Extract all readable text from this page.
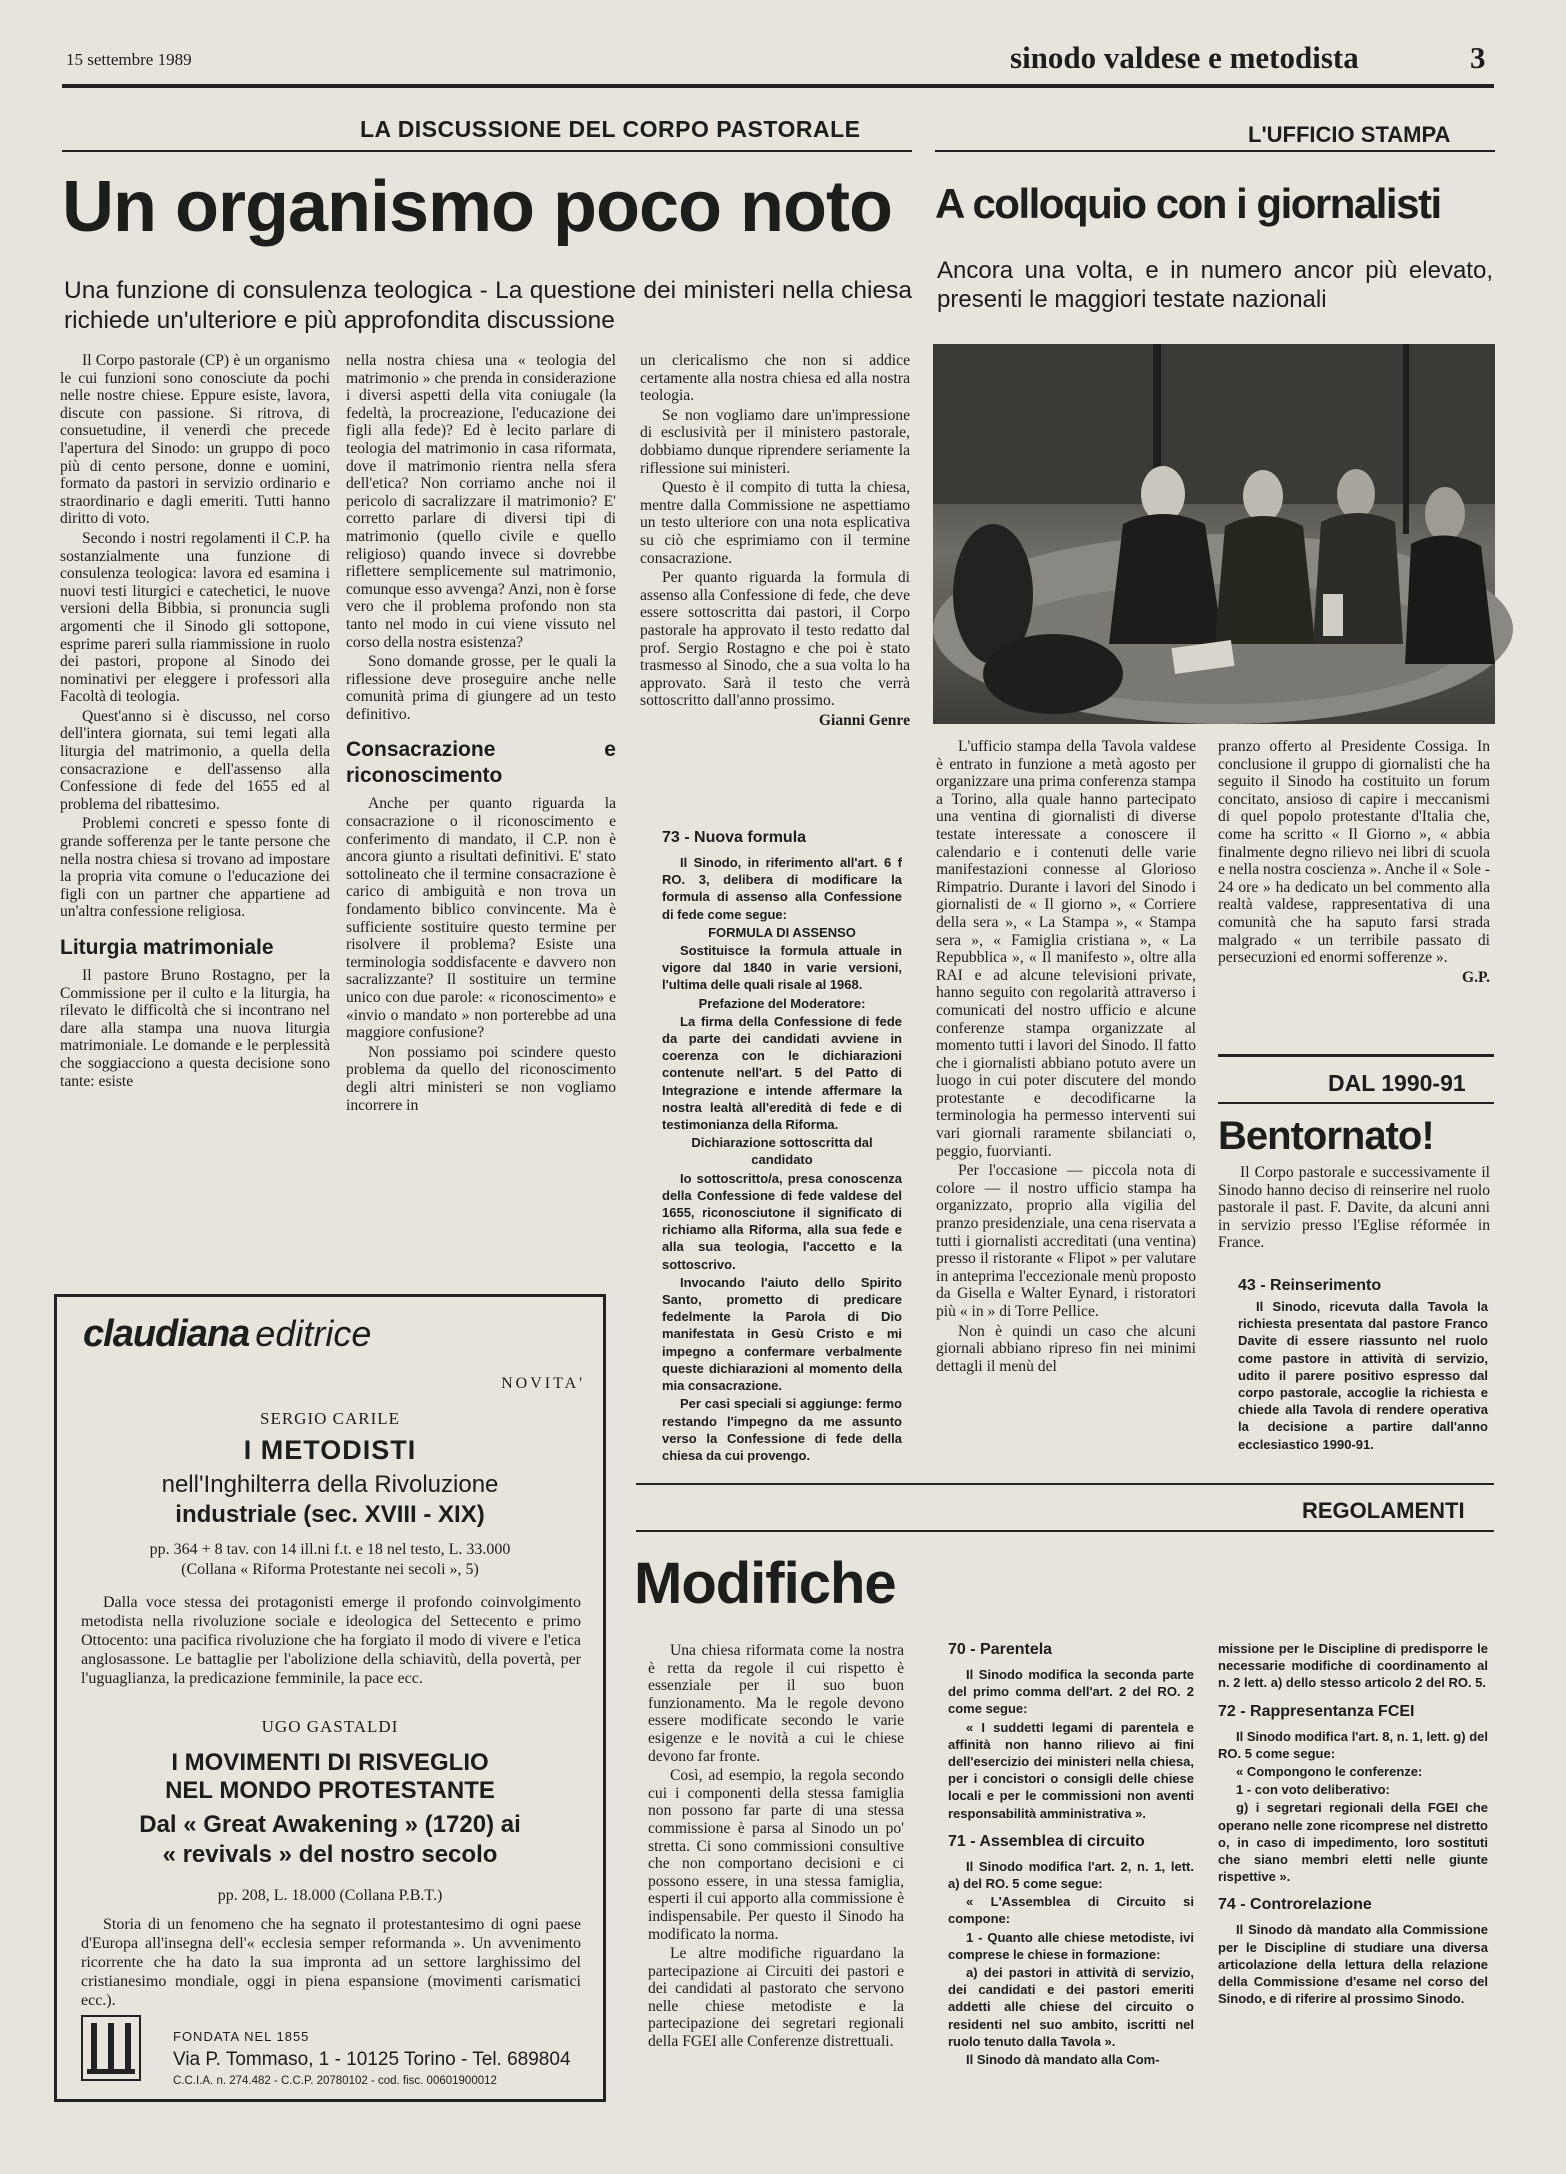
15 settembre 1989	sinodo valdese e metodista	3
LA DISCUSSIONE DEL CORPO PASTORALE
Un organismo poco noto
Una funzione di consulenza teologica - La questione dei ministeri nella chiesa richiede un'ulteriore e più approfondita discussione

Il Corpo pastorale (CP) è un organismo le cui funzioni sono conosciute da pochi nelle nostre chiese. Eppure esiste, lavora, discute con passione. Si ritrova, di consuetudine, il venerdì che precede l'apertura del Sinodo: un gruppo di poco più di cento persone, donne e uomini, formato da pastori in servizio ordinario e straordinario e dagli emeriti. Tutti hanno diritto di voto.

Secondo i nostri regolamenti il C.P. ha sostanzialmente una funzione di consulenza teologica: lavora ed esamina i nuovi testi liturgici e catechetici, le nuove versioni della Bibbia, si pronuncia sugli argomenti che il Sinodo gli sottopone, esprime pareri sulla riammissione in ruolo dei pastori, propone al Sinodo dei nominativi per eleggere i professori alla Facoltà di teologia.

Quest'anno si è discusso, nel corso dell'intera giornata, sui temi legati alla liturgia del matrimonio, a quella della consacrazione e dell'assenso alla Confessione di fede del 1655 ed al problema del ribattesimo.

Problemi concreti e spesso fonte di grande sofferenza per le tante persone che nella nostra chiesa si trovano ad impostare la propria vita comune o l'educazione dei figli con un partner che appartiene ad un'altra confessione religiosa.

Liturgia matrimoniale

Il pastore Bruno Rostagno, per la Commissione per il culto e la liturgia, ha rilevato le difficoltà che si incontrano nel dare alla stampa una nuova liturgia matrimoniale. Le domande e le perplessità che soggiacciono a questa decisione sono tante: esiste

nella nostra chiesa una « teologia del matrimonio » che prenda in considerazione i diversi aspetti della vita coniugale (la fedeltà, la procreazione, l'educazione dei figli alla fede)? Ed è lecito parlare di teologia del matrimonio in casa riformata, dove il matrimonio rientra nella sfera dell'etica? Non corriamo anche noi il pericolo di sacralizzare il matrimonio? E' corretto parlare di diversi tipi di matrimonio (quello civile e quello religioso) quando invece si dovrebbe riflettere semplicemente sul matrimonio, comunque esso avvenga? Anzi, non è forse vero che il problema profondo non sta tanto nel modo in cui viene vissuto nel corso della nostra esistenza?

Sono domande grosse, per le quali la riflessione deve proseguire anche nelle comunità prima di giungere ad un testo definitivo.

Consacrazione e riconoscimento

Anche per quanto riguarda la consacrazione o il riconoscimento e conferimento di mandato, il C.P. non è ancora giunto a risultati definitivi. E' stato sottolineato che il termine consacrazione è carico di ambiguità e non trova un fondamento biblico convincente. Ma è sufficiente sostituire questo termine per risolvere il problema? Esiste una terminologia soddisfacente e davvero non sacralizzante? Il sostituire un termine unico con due parole: « riconoscimento» e «invio o mandato » non porterebbe ad una maggiore confusione?

Non possiamo poi scindere questo problema da quello del riconoscimento degli altri ministeri se non vogliamo incorrere in

un clericalismo che non si addice certamente alla nostra chiesa ed alla nostra teologia.

Se non vogliamo dare un'impressione di esclusività per il ministero pastorale, dobbiamo dunque riprendere seriamente la riflessione sui ministeri.

Questo è il compito di tutta la chiesa, mentre dalla Commissione ne aspettiamo un testo ulteriore con una nota esplicativa su ciò che esprimiamo con il termine consacrazione.

Per quanto riguarda la formula di assenso alla Confessione di fede, che deve essere sottoscritta dai pastori, il Corpo pastorale ha approvato il testo redatto dal prof. Sergio Rostagno e che poi è stato trasmesso al Sinodo, che a sua volta lo ha approvato. Sarà il testo che verrà sottoscritto dall'anno prossimo.

Gianni Genre

73 - Nuova formula

Il Sinodo, in riferimento all'art. 6 f RO. 3, delibera di modificare la formula di assenso alla Confessione di fede come segue:

FORMULA DI ASSENSO

Sostituisce la formula attuale in vigore dal 1840 in varie versioni, l'ultima delle quali risale al 1968.

Prefazione del Moderatore:

La firma della Confessione di fede da parte dei candidati avviene in coerenza con le dichiarazioni contenute nell'art. 5 del Patto di Integrazione e intende affermare la nostra lealtà all'eredità di fede e di testimonianza della Riforma.

Dichiarazione sottoscritta dal candidato

Io sottoscritto/a, presa conoscenza della Confessione di fede valdese del 1655, riconosciutone il significato di richiamo alla Riforma, alla sua fede e alla sua teologia, l'accetto e la sottoscrivo.

Invocando l'aiuto dello Spirito Santo, prometto di predicare fedelmente la Parola di Dio manifestata in Gesù Cristo e mi impegno a confermare verbalmente queste dichiarazioni al momento della mia consacrazione.

Per casi speciali si aggiunge: fermo restando l'impegno da me assunto verso la Confessione di fede della chiesa da cui provengo.

claudiana editrice
NOVITA'
SERGIO CARILE
I METODISTI
nell'Inghilterra della Rivoluzione
industriale (sec. XVIII - XIX)
pp. 364 + 8 tav. con 14 ill.ni f.t. e 18 nel testo, L. 33.000
(Collana « Riforma Protestante nei secoli », 5)
Dalla voce stessa dei protagonisti emerge il profondo coinvolgimento metodista nella rivoluzione sociale e ideologica del Settecento e primo Ottocento: una pacifica rivoluzione che ha forgiato il modo di vivere e l'etica anglosassone. Le battaglie per l'abolizione della schiavitù, della povertà, per l'uguaglianza, la predicazione femminile, la pace ecc.
UGO GASTALDI
I MOVIMENTI DI RISVEGLIO
NEL MONDO PROTESTANTE
Dal « Great Awakening » (1720) ai
« revivals » del nostro secolo
pp. 208, L. 18.000 (Collana P.B.T.)
Storia di un fenomeno che ha segnato il protestantesimo di ogni paese d'Europa all'insegna dell'« ecclesia semper reformanda ». Un avvenimento ricorrente che ha dato la sua impronta ad un settore larghissimo del cristianesimo mondiale, oggi in piena espansione (movimenti carismatici ecc.).
FONDATA NEL 1855
Via P. Tommaso, 1 - 10125 Torino - Tel. 689804
C.C.I.A. n. 274.482 - C.C.P. 20780102 - cod. fisc. 00601900012
L'UFFICIO STAMPA
A colloquio con i giornalisti
Ancora una volta, e in numero ancor più elevato, presenti le maggiori testate nazionali

L'ufficio stampa della Tavola valdese è entrato in funzione a metà agosto per organizzare una prima conferenza stampa a Torino, alla quale hanno partecipato una ventina di giornalisti di diverse testate interessate a conoscere il calendario e i contenuti delle varie manifestazioni connesse al Glorioso Rimpatrio. Durante i lavori del Sinodo i giornalisti de « Il giorno », « Corriere della sera », « La Stampa », « Stampa sera », « Famiglia cristiana », « La Repubblica », « Il manifesto », oltre alla RAI e ad alcune televisioni private, hanno seguito con regolarità attraverso i comunicati del nostro ufficio e alcune conferenze stampa organizzate al momento tutti i lavori del Sinodo. Il fatto che i giornalisti abbiano potuto avere un luogo in cui poter discutere del mondo protestante e decodificarne la terminologia ha permesso interventi sui vari giornali raramente sbilanciati o, peggio, fuorvianti.

Per l'occasione — piccola nota di colore — il nostro ufficio stampa ha organizzato, proprio alla vigilia del pranzo presidenziale, una cena riservata a tutti i giornalisti accreditati (una ventina) presso il ristorante « Flipot » per valutare in anteprima l'eccezionale menù proposto da Gisella e Walter Eynard, i ristoratori più « in » di Torre Pellice.

Non è quindi un caso che alcuni giornali abbiano ripreso fin nei minimi dettagli il menù del

pranzo offerto al Presidente Cossiga. In conclusione il gruppo di giornalisti che ha seguito il Sinodo ha costituito un forum concitato, ansioso di capire i meccanismi di quel popolo protestante d'Italia che, come ha scritto « Il Giorno », « abbia finalmente degno rilievo nei libri di scuola e nella nostra coscienza ». Anche il « Sole - 24 ore » ha dedicato un bel commento alla realtà valdese, rappresentativa di una comunità che ha saputo farsi strada malgrado « un terribile passato di persecuzioni ed enormi sofferenze ».

G.P.

DAL 1990-91
Bentornato!

Il Corpo pastorale e successivamente il Sinodo hanno deciso di reinserire nel ruolo pastorale il past. F. Davite, da alcuni anni in servizio presso l'Eglise réformée in France.

43 - Reinserimento

Il Sinodo, ricevuta dalla Tavola la richiesta presentata dal pastore Franco Davite di essere riassunto nel ruolo come pastore in attività di servizio, udito il parere positivo espresso dal corpo pastorale, accoglie la richiesta e chiede alla Tavola di rendere operativa la decisione a partire dall'anno ecclesiastico 1990-91.

REGOLAMENTI
Modifiche

Una chiesa riformata come la nostra è retta da regole il cui rispetto è essenziale per il suo buon funzionamento. Ma le regole devono essere modificate secondo le varie esigenze e le novità a cui le chiese devono far fronte.

Così, ad esempio, la regola secondo cui i componenti della stessa famiglia non possono far parte di una stessa commissione è parsa al Sinodo un po' stretta. Ci sono commissioni consultive che non comportano decisioni e ci possono essere, in una stessa famiglia, esperti il cui apporto alla commissione è indispensabile. Per questo il Sinodo ha modificato la norma.

Le altre modifiche riguardano la partecipazione ai Circuiti dei pastori e dei candidati al pastorato che servono nelle chiese metodiste e la partecipazione dei segretari regionali della FGEI alle Conferenze distrettuali.

70 - Parentela

Il Sinodo modifica la seconda parte del primo comma dell'art. 2 del RO. 2 come segue:

« I suddetti legami di parentela e affinità non hanno rilievo ai fini dell'esercizio dei ministeri nella chiesa, per i concistori o consigli delle chiese locali e per le commissioni non aventi responsabilità amministrativa ».

71 - Assemblea di circuito

Il Sinodo modifica l'art. 2, n. 1, lett. a) del RO. 5 come segue:

« L'Assemblea di Circuito si compone:

1 - Quanto alle chiese metodiste, ivi comprese le chiese in formazione:

a) dei pastori in attività di servizio, dei candidati e dei pastori emeriti addetti alle chiese del circuito o residenti nel suo ambito, iscritti nel ruolo tenuto dalla Tavola ».

Il Sinodo dà mandato alla Com-

missione per le Discipline di predisporre le necessarie modifiche di coordinamento al n. 2 lett. a) dello stesso articolo 2 del RO. 5.

72 - Rappresentanza FCEI

Il Sinodo modifica l'art. 8, n. 1, lett. g) del RO. 5 come segue:

« Compongono le conferenze:

1 - con voto deliberativo:

g) i segretari regionali della FGEI che operano nelle zone ricomprese nel distretto o, in caso di impedimento, loro sostituti che siano membri eletti nelle giunte rispettive ».

74 - Controrelazione

Il Sinodo dà mandato alla Commissione per le Discipline di studiare una diversa articolazione della lettura della relazione della Commissione d'esame nel corso del Sinodo, e di riferire al prossimo Sinodo.
